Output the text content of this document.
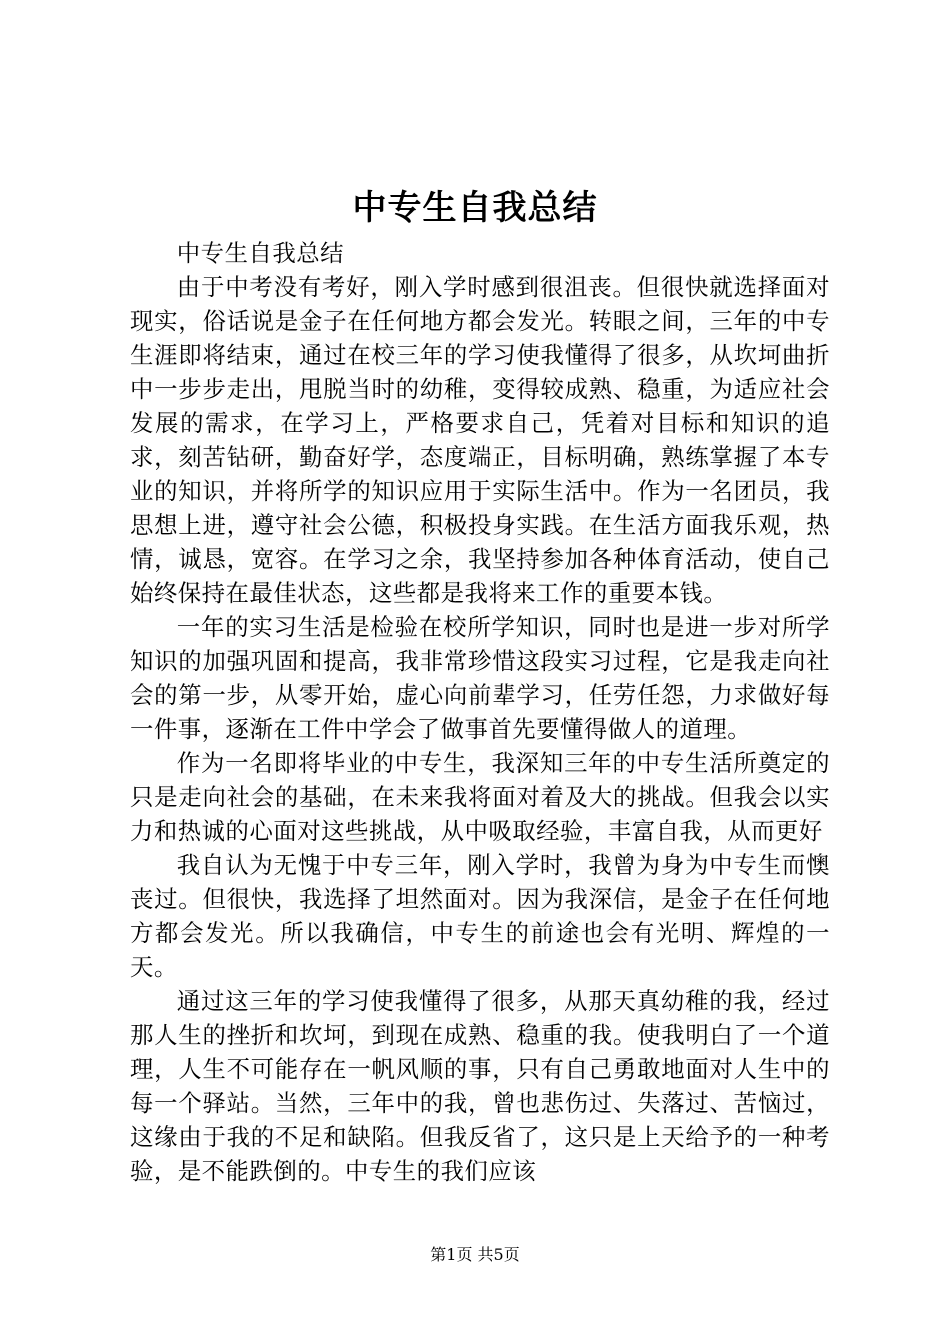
中专生自我总结

中专生自我总结

由于中考没有考好，刚入学时感到很沮丧。但很快就选择面对现实，俗话说是金子在任何地方都会发光。转眼之间，三年的中专生涯即将结束，通过在校三年的学习使我懂得了很多，从坎坷曲折中一步步走出，甩脱当时的幼稚，变得较成熟、稳重，为适应社会发展的需求，在学习上，严格要求自己，凭着对目标和知识的追求，刻苦钻研，勤奋好学，态度端正，目标明确，熟练掌握了本专业的知识，并将所学的知识应用于实际生活中。作为一名团员，我思想上进，遵守社会公德，积极投身实践。在生活方面我乐观，热情，诚恳，宽容。在学习之余，我坚持参加各种体育活动，使自己始终保持在最佳状态，这些都是我将来工作的重要本钱。

一年的实习生活是检验在校所学知识，同时也是进一步对所学知识的加强巩固和提高，我非常珍惜这段实习过程，它是我走向社会的第一步，从零开始，虚心向前辈学习，任劳任怨，力求做好每一件事，逐渐在工件中学会了做事首先要懂得做人的道理。

作为一名即将毕业的中专生，我深知三年的中专生活所奠定的只是走向社会的基础，在未来我将面对着及大的挑战。但我会以实力和热诚的心面对这些挑战，从中吸取经验，丰富自我，从而更好

我自认为无愧于中专三年，刚入学时，我曾为身为中专生而懊丧过。但很快，我选择了坦然面对。因为我深信，是金子在任何地方都会发光。所以我确信，中专生的前途也会有光明、辉煌的一天。

通过这三年的学习使我懂得了很多，从那天真幼稚的我，经过那人生的挫折和坎坷，到现在成熟、稳重的我。使我明白了一个道理，人生不可能存在一帆风顺的事，只有自己勇敢地面对人生中的每一个驿站。当然，三年中的我，曾也悲伤过、失落过、苦恼过，这缘由于我的不足和缺陷。但我反省了，这只是上天给予的一种考验，是不能跌倒的。中专生的我们应该

第1页 共5页
